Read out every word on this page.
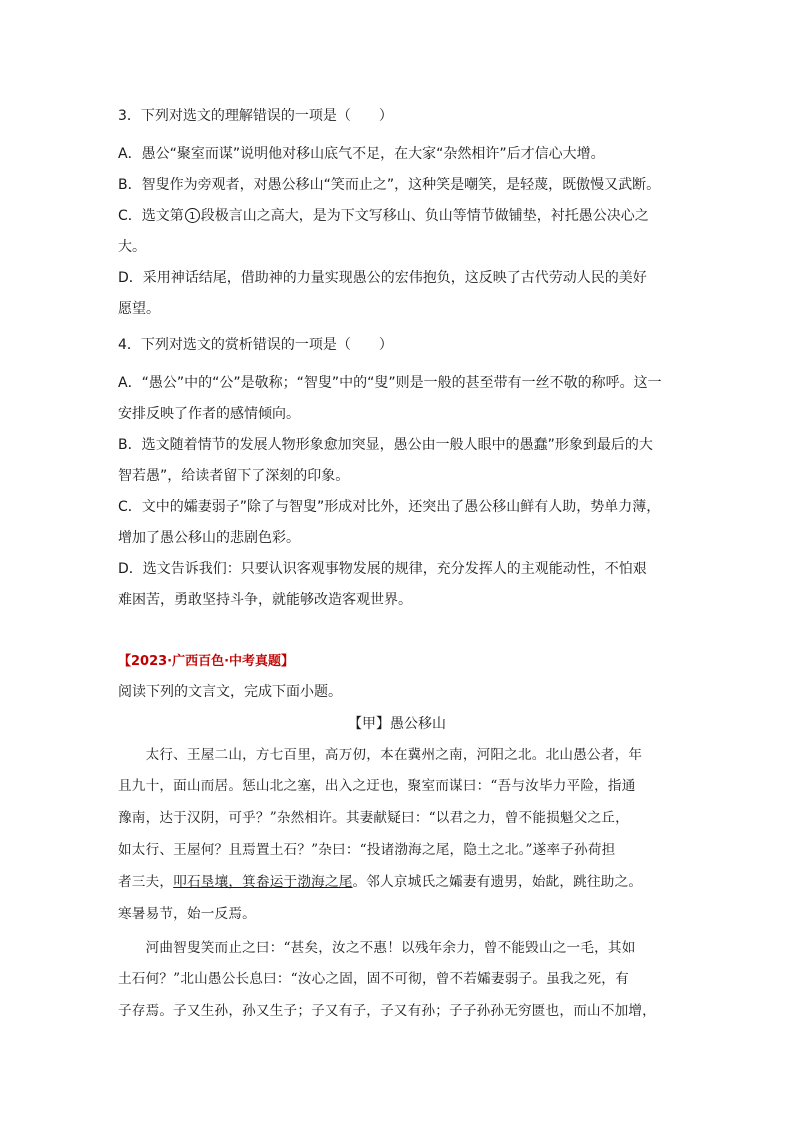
3．下列对选文的理解错误的一项是（　　）
A．愚公“聚室而谋”说明他对移山底气不足，在大家“杂然相许”后才信心大增。
B．智叟作为旁观者，对愚公移山“笑而止之”，这种笑是嘲笑，是轻蔑，既傲慢又武断。
C．选文第 1 段极言山之高大，是为下文写移山、负山等情节做铺垫，衬托愚公决心之
大。
D．采用神话结尾，借助神的力量实现愚公的宏伟抱负，这反映了古代劳动人民的美好
愿望。
4．下列对选文的赏析错误的一项是（　　）
A．“愚公”中的“公”是敬称；“智叟”中的“叟”则是一般的甚至带有一丝不敬的称呼。这一
安排反映了作者的感情倾向。
B．选文随着情节的发展人物形象愈加突显，愚公由一般人眼中的愚蠢”形象到最后的大
智若愚”，给读者留下了深刻的印象。
C．文中的孀妻弱子”除了与智叟”形成对比外，还突出了愚公移山鲜有人助，势单力薄，
增加了愚公移山的悲剧色彩。
D．选文告诉我们：只要认识客观事物发展的规律，充分发挥人的主观能动性，不怕艰
难困苦，勇敢坚持斗争，就能够改造客观世界。
【2023·广西百色·中考真题】
阅读下列的文言文，完成下面小题。
【甲】愚公移山
　　太行、王屋二山，方七百里，高万仞，本在冀州之南，河阳之北。北山愚公者，年
且九十，面山而居。惩山北之塞，出入之迂也，聚室而谋曰：“吾与汝毕力平险，指通
豫南，达于汉阴，可乎？”杂然相许。其妻献疑曰：“以君之力，曾不能损魁父之丘，
如太行、王屋何？且焉置土石？”杂曰：“投诸渤海之尾，隐土之北。”遂率子孙荷担
者三夫，叩石垦壤，箕畚运于渤海之尾。邻人京城氏之孀妻有遗男，始龀，跳往助之。
寒暑易节，始一反焉。
　　河曲智叟笑而止之曰：“甚矣，汝之不惠！以残年余力，曾不能毁山之一毛，其如
土石何？”北山愚公长息曰：“汝心之固，固不可彻，曾不若孀妻弱子。虽我之死，有
子存焉。子又生孙，孙又生子；子又有子，子又有孙；子子孙孙无穷匮也，而山不加增，
